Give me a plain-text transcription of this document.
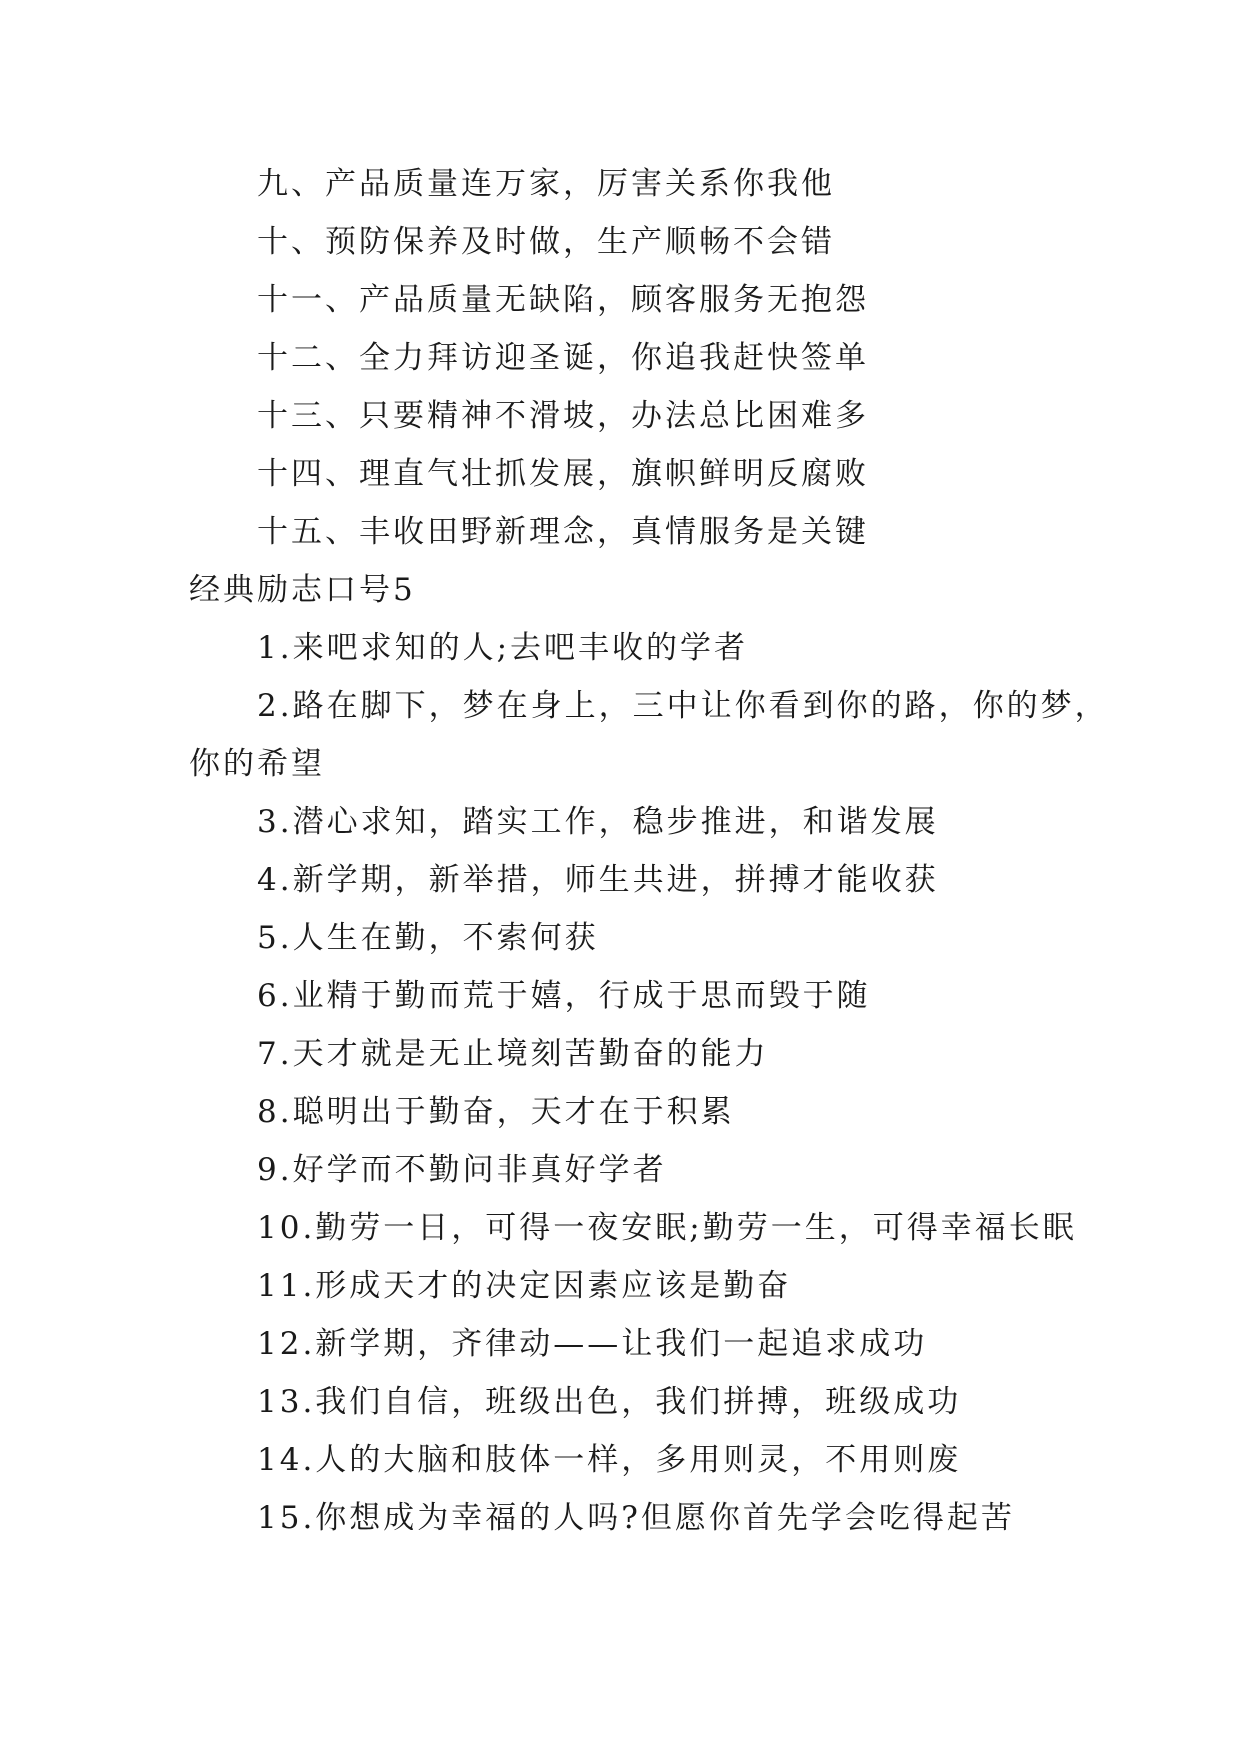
九、产品质量连万家，厉害关系你我他
十、预防保养及时做，生产顺畅不会错
十一、产品质量无缺陷，顾客服务无抱怨
十二、全力拜访迎圣诞，你追我赶快签单
十三、只要精神不滑坡，办法总比困难多
十四、理直气壮抓发展，旗帜鲜明反腐败
十五、丰收田野新理念，真情服务是关键
经典励志口号5
1.来吧求知的人;去吧丰收的学者
2.路在脚下，梦在身上，三中让你看到你的路，你的梦，
你的希望
3.潜心求知，踏实工作，稳步推进，和谐发展
4.新学期，新举措，师生共进，拼搏才能收获
5.人生在勤，不索何获
6.业精于勤而荒于嬉，行成于思而毁于随
7.天才就是无止境刻苦勤奋的能力
8.聪明出于勤奋，天才在于积累
9.好学而不勤问非真好学者
10.勤劳一日，可得一夜安眠;勤劳一生，可得幸福长眠
11.形成天才的决定因素应该是勤奋
12.新学期，齐律动——让我们一起追求成功
13.我们自信，班级出色，我们拼搏，班级成功
14.人的大脑和肢体一样，多用则灵，不用则废
15.你想成为幸福的人吗?但愿你首先学会吃得起苦
